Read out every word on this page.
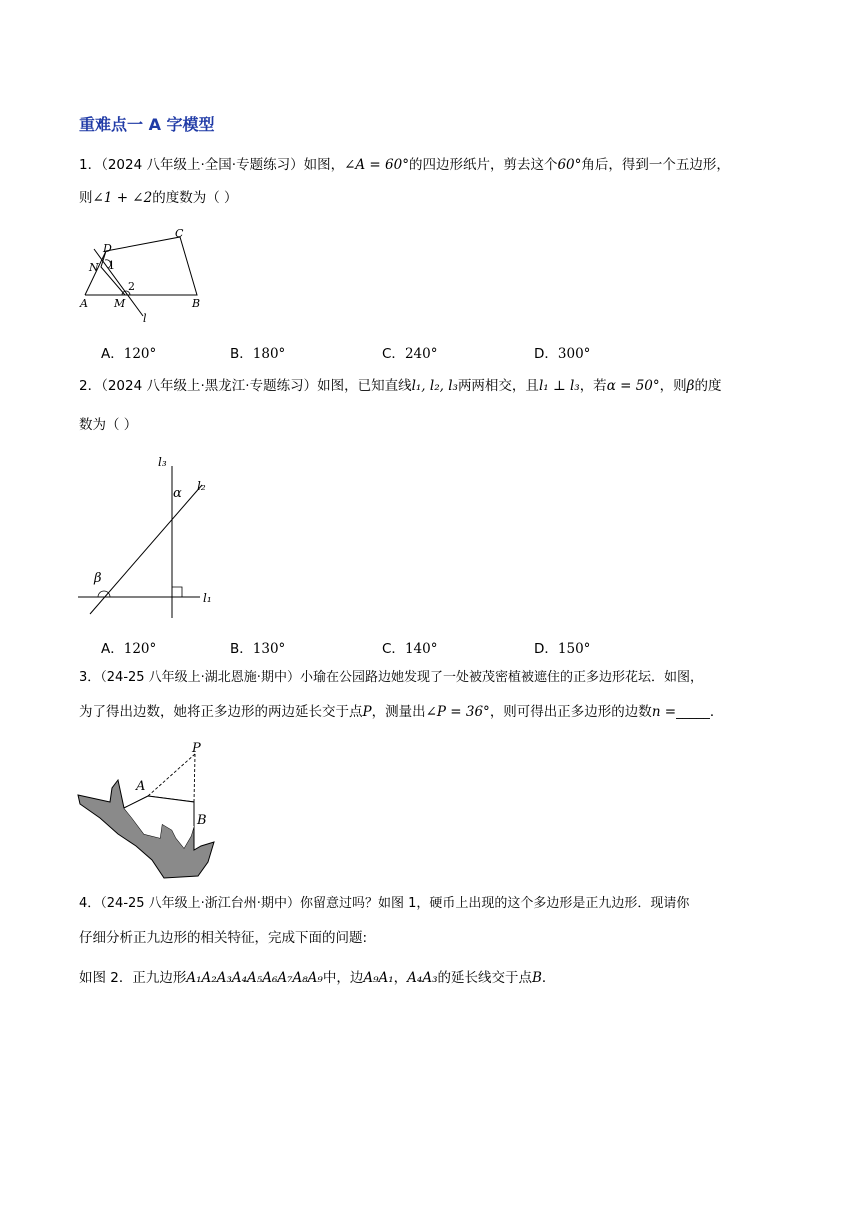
重难点一 A 字模型
1．（2024 八年级上·全国·专题练习）如图，∠A = 60°的四边形纸片，剪去这个60°角后，得到一个五边形，
则∠1 + ∠2的度数为（ ）
D
C
N 1
2
A M	B
l
A．120°	B．180°	C．240°	D．300°
2．（2024 八年级上·黑龙江·专题练习）如图，已知直线l₁, l₂, l₃两两相交，且l₁ ⊥ l₃，若α = 50°，则β的度
数为（ ）
l₃
l₂
α
β
l₁
A．120°	B．130°	C．140°	D．150°
3．（24-25 八年级上·湖北恩施·期中）小瑜在公园路边她发现了一处被茂密植被遮住的正多边形花坛．如图，
为了得出边数，她将正多边形的两边延长交于点P，测量出∠P = 36°，则可得出正多边形的边数n =_____．
P
A
B
4．（24-25 八年级上·浙江台州·期中）你留意过吗？如图 1，硬币上出现的这个多边形是正九边形．现请你
仔细分析正九边形的相关特征，完成下面的问题:
如图 2．正九边形A₁A₂A₃A₄A₅A₆A₇A₈A₉中，边A₉A₁，A₄A₃的延长线交于点B．
